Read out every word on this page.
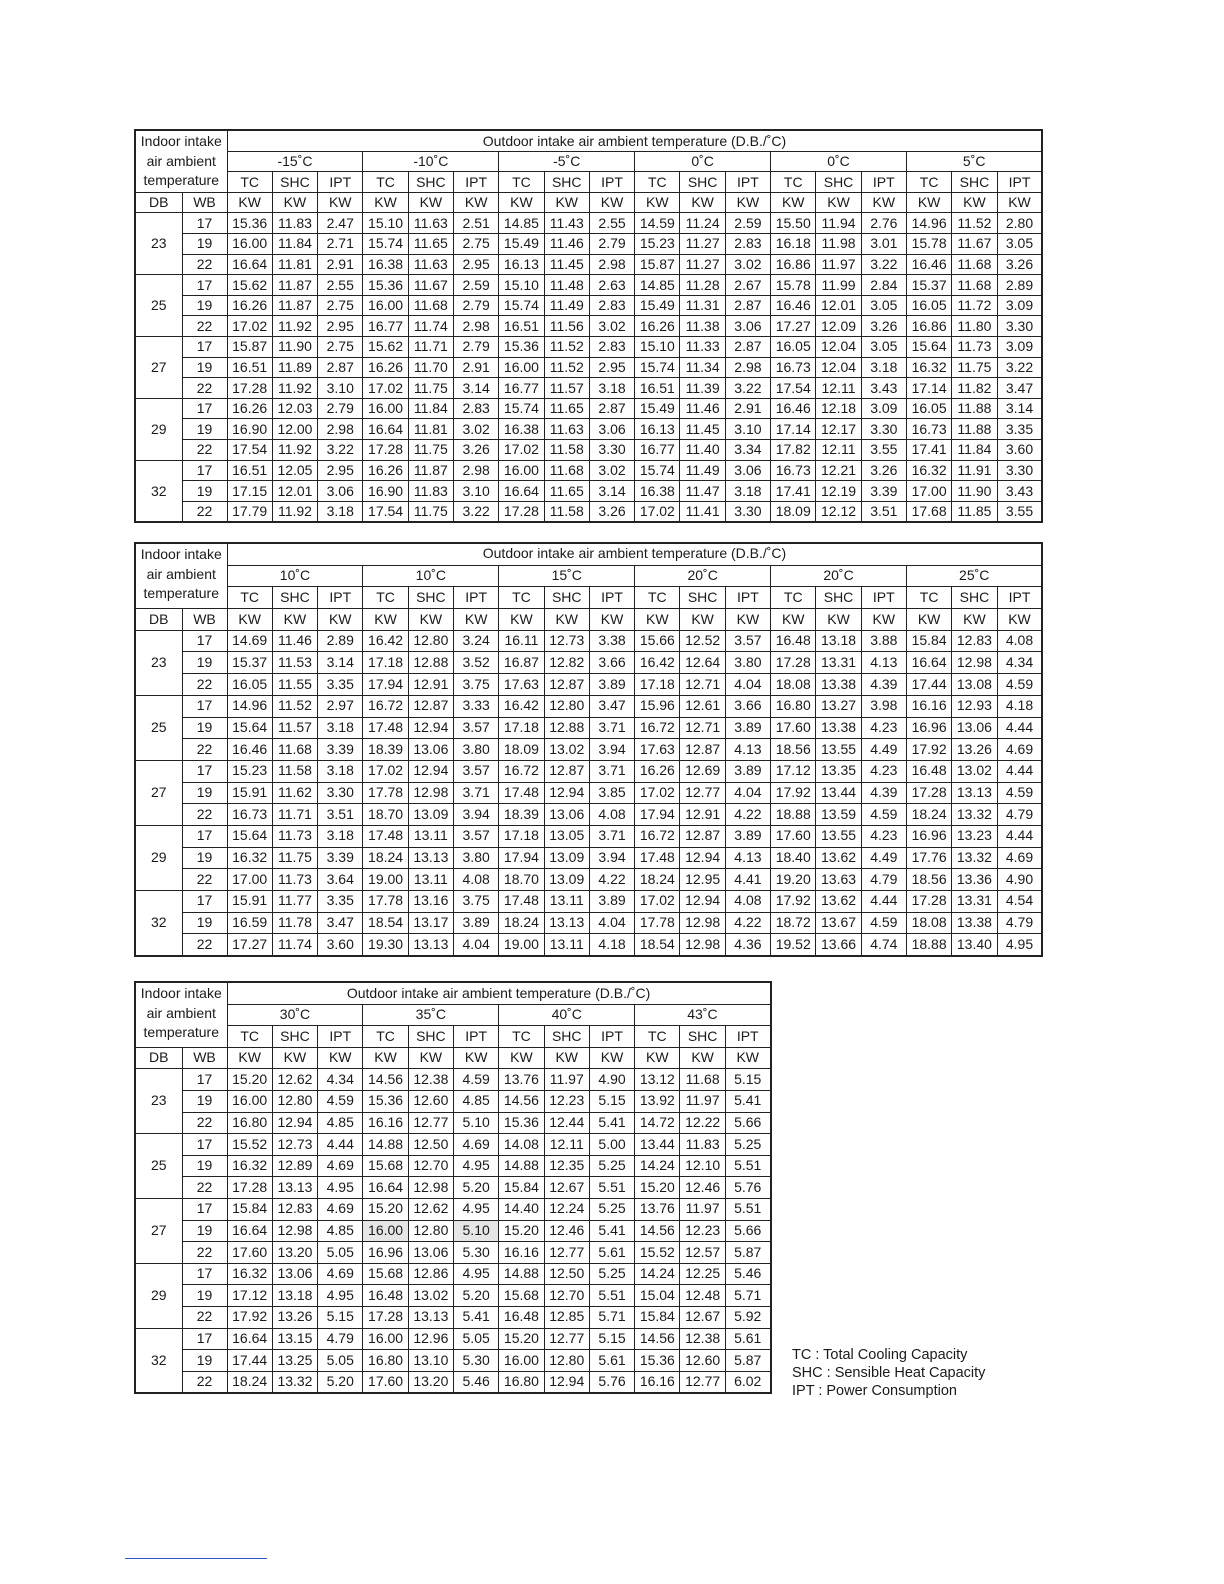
Indoor intake
air ambient
temperature		Outdoor intake air ambient temperature (D.B./˚C)																	
		-15˚C			-10˚C			-5˚C			0˚C			0˚C			5˚C		
		TC	SHC	IPT	TC	SHC	IPT	TC	SHC	IPT	TC	SHC	IPT	TC	SHC	IPT	TC	SHC	IPT
DB	WB	KW	KW	KW	KW	KW	KW	KW	KW	KW	KW	KW	KW	KW	KW	KW	KW	KW	KW
23	17	15.36	11.83	2.47	15.10	11.63	2.51	14.85	11.43	2.55	14.59	11.24	2.59	15.50	11.94	2.76	14.96	11.52	2.80
	19	16.00	11.84	2.71	15.74	11.65	2.75	15.49	11.46	2.79	15.23	11.27	2.83	16.18	11.98	3.01	15.78	11.67	3.05
	22	16.64	11.81	2.91	16.38	11.63	2.95	16.13	11.45	2.98	15.87	11.27	3.02	16.86	11.97	3.22	16.46	11.68	3.26
25	17	15.62	11.87	2.55	15.36	11.67	2.59	15.10	11.48	2.63	14.85	11.28	2.67	15.78	11.99	2.84	15.37	11.68	2.89
	19	16.26	11.87	2.75	16.00	11.68	2.79	15.74	11.49	2.83	15.49	11.31	2.87	16.46	12.01	3.05	16.05	11.72	3.09
	22	17.02	11.92	2.95	16.77	11.74	2.98	16.51	11.56	3.02	16.26	11.38	3.06	17.27	12.09	3.26	16.86	11.80	3.30
27	17	15.87	11.90	2.75	15.62	11.71	2.79	15.36	11.52	2.83	15.10	11.33	2.87	16.05	12.04	3.05	15.64	11.73	3.09
	19	16.51	11.89	2.87	16.26	11.70	2.91	16.00	11.52	2.95	15.74	11.34	2.98	16.73	12.04	3.18	16.32	11.75	3.22
	22	17.28	11.92	3.10	17.02	11.75	3.14	16.77	11.57	3.18	16.51	11.39	3.22	17.54	12.11	3.43	17.14	11.82	3.47
29	17	16.26	12.03	2.79	16.00	11.84	2.83	15.74	11.65	2.87	15.49	11.46	2.91	16.46	12.18	3.09	16.05	11.88	3.14
	19	16.90	12.00	2.98	16.64	11.81	3.02	16.38	11.63	3.06	16.13	11.45	3.10	17.14	12.17	3.30	16.73	11.88	3.35
	22	17.54	11.92	3.22	17.28	11.75	3.26	17.02	11.58	3.30	16.77	11.40	3.34	17.82	12.11	3.55	17.41	11.84	3.60
32	17	16.51	12.05	2.95	16.26	11.87	2.98	16.00	11.68	3.02	15.74	11.49	3.06	16.73	12.21	3.26	16.32	11.91	3.30
	19	17.15	12.01	3.06	16.90	11.83	3.10	16.64	11.65	3.14	16.38	11.47	3.18	17.41	12.19	3.39	17.00	11.90	3.43
	22	17.79	11.92	3.18	17.54	11.75	3.22	17.28	11.58	3.26	17.02	11.41	3.30	18.09	12.12	3.51	17.68	11.85	3.55
Indoor intake
air ambient
temperature		Outdoor intake air ambient temperature (D.B./˚C)																	
		10˚C			10˚C			15˚C			20˚C			20˚C			25˚C		
		TC	SHC	IPT	TC	SHC	IPT	TC	SHC	IPT	TC	SHC	IPT	TC	SHC	IPT	TC	SHC	IPT
DB	WB	KW	KW	KW	KW	KW	KW	KW	KW	KW	KW	KW	KW	KW	KW	KW	KW	KW	KW
23	17	14.69	11.46	2.89	16.42	12.80	3.24	16.11	12.73	3.38	15.66	12.52	3.57	16.48	13.18	3.88	15.84	12.83	4.08
	19	15.37	11.53	3.14	17.18	12.88	3.52	16.87	12.82	3.66	16.42	12.64	3.80	17.28	13.31	4.13	16.64	12.98	4.34
	22	16.05	11.55	3.35	17.94	12.91	3.75	17.63	12.87	3.89	17.18	12.71	4.04	18.08	13.38	4.39	17.44	13.08	4.59
25	17	14.96	11.52	2.97	16.72	12.87	3.33	16.42	12.80	3.47	15.96	12.61	3.66	16.80	13.27	3.98	16.16	12.93	4.18
	19	15.64	11.57	3.18	17.48	12.94	3.57	17.18	12.88	3.71	16.72	12.71	3.89	17.60	13.38	4.23	16.96	13.06	4.44
	22	16.46	11.68	3.39	18.39	13.06	3.80	18.09	13.02	3.94	17.63	12.87	4.13	18.56	13.55	4.49	17.92	13.26	4.69
27	17	15.23	11.58	3.18	17.02	12.94	3.57	16.72	12.87	3.71	16.26	12.69	3.89	17.12	13.35	4.23	16.48	13.02	4.44
	19	15.91	11.62	3.30	17.78	12.98	3.71	17.48	12.94	3.85	17.02	12.77	4.04	17.92	13.44	4.39	17.28	13.13	4.59
	22	16.73	11.71	3.51	18.70	13.09	3.94	18.39	13.06	4.08	17.94	12.91	4.22	18.88	13.59	4.59	18.24	13.32	4.79
29	17	15.64	11.73	3.18	17.48	13.11	3.57	17.18	13.05	3.71	16.72	12.87	3.89	17.60	13.55	4.23	16.96	13.23	4.44
	19	16.32	11.75	3.39	18.24	13.13	3.80	17.94	13.09	3.94	17.48	12.94	4.13	18.40	13.62	4.49	17.76	13.32	4.69
	22	17.00	11.73	3.64	19.00	13.11	4.08	18.70	13.09	4.22	18.24	12.95	4.41	19.20	13.63	4.79	18.56	13.36	4.90
32	17	15.91	11.77	3.35	17.78	13.16	3.75	17.48	13.11	3.89	17.02	12.94	4.08	17.92	13.62	4.44	17.28	13.31	4.54
	19	16.59	11.78	3.47	18.54	13.17	3.89	18.24	13.13	4.04	17.78	12.98	4.22	18.72	13.67	4.59	18.08	13.38	4.79
	22	17.27	11.74	3.60	19.30	13.13	4.04	19.00	13.11	4.18	18.54	12.98	4.36	19.52	13.66	4.74	18.88	13.40	4.95
Indoor intake
air ambient
temperature		Outdoor intake air ambient temperature (D.B./˚C)											
		30˚C			35˚C			40˚C			43˚C		
		TC	SHC	IPT	TC	SHC	IPT	TC	SHC	IPT	TC	SHC	IPT
DB	WB	KW	KW	KW	KW	KW	KW	KW	KW	KW	KW	KW	KW
23	17	15.20	12.62	4.34	14.56	12.38	4.59	13.76	11.97	4.90	13.12	11.68	5.15
	19	16.00	12.80	4.59	15.36	12.60	4.85	14.56	12.23	5.15	13.92	11.97	5.41
	22	16.80	12.94	4.85	16.16	12.77	5.10	15.36	12.44	5.41	14.72	12.22	5.66
25	17	15.52	12.73	4.44	14.88	12.50	4.69	14.08	12.11	5.00	13.44	11.83	5.25
	19	16.32	12.89	4.69	15.68	12.70	4.95	14.88	12.35	5.25	14.24	12.10	5.51
	22	17.28	13.13	4.95	16.64	12.98	5.20	15.84	12.67	5.51	15.20	12.46	5.76
27	17	15.84	12.83	4.69	15.20	12.62	4.95	14.40	12.24	5.25	13.76	11.97	5.51
	19	16.64	12.98	4.85	16.00	12.80	5.10	15.20	12.46	5.41	14.56	12.23	5.66
	22	17.60	13.20	5.05	16.96	13.06	5.30	16.16	12.77	5.61	15.52	12.57	5.87
29	17	16.32	13.06	4.69	15.68	12.86	4.95	14.88	12.50	5.25	14.24	12.25	5.46
	19	17.12	13.18	4.95	16.48	13.02	5.20	15.68	12.70	5.51	15.04	12.48	5.71
	22	17.92	13.26	5.15	17.28	13.13	5.41	16.48	12.85	5.71	15.84	12.67	5.92
32	17	16.64	13.15	4.79	16.00	12.96	5.05	15.20	12.77	5.15	14.56	12.38	5.61
	19	17.44	13.25	5.05	16.80	13.10	5.30	16.00	12.80	5.61	15.36	12.60	5.87
	22	18.24	13.32	5.20	17.60	13.20	5.46	16.80	12.94	5.76	16.16	12.77	6.02
TC : Total Cooling Capacity
SHC : Sensible Heat Capacity
IPT : Power Consumption
